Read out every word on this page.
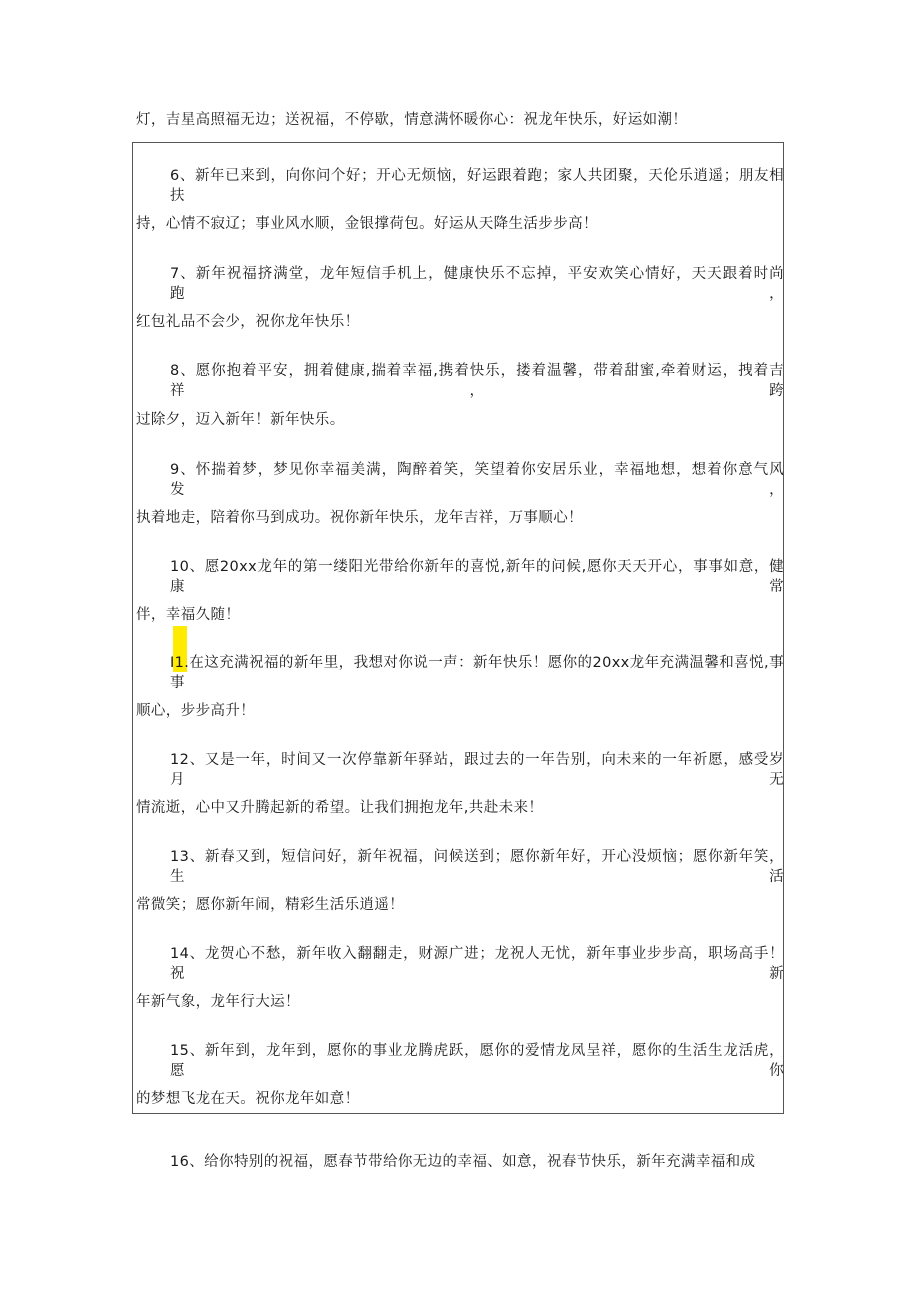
灯，吉星高照福无边；送祝福，不停歇，情意满怀暖你心：祝龙年快乐，好运如潮！
6、新年已来到，向你问个好；开心无烦恼，好运跟着跑；家人共团聚，天伦乐逍遥；朋友相扶
持，心情不寂辽；事业风水顺，金银撑荷包。好运从天降生活步步高！
7、新年祝福挤满堂，龙年短信手机上，健康快乐不忘掉，平安欢笑心情好，天天跟着时尚跑，
红包礼品不会少，祝你龙年快乐！
8、愿你抱着平安，拥着健康,揣着幸福,携着快乐，搂着温馨，带着甜蜜,牵着财运，拽着吉祥，跨
过除夕，迈入新年！新年快乐。
9、怀揣着梦，梦见你幸福美满，陶醉着笑，笑望着你安居乐业，幸福地想，想着你意气风发，
执着地走，陪着你马到成功。祝你新年快乐，龙年吉祥，万事顺心！
10、愿20xx龙年的第一缕阳光带给你新年的喜悦,新年的问候,愿你天天开心，事事如意，健康常
伴，幸福久随！
I1.在这充满祝福的新年里，我想对你说一声：新年快乐！愿你的20xx龙年充满温馨和喜悦,事事
顺心，步步高升！
12、又是一年，时间又一次停靠新年驿站，跟过去的一年告别，向未来的一年祈愿，感受岁月无
情流逝，心中又升腾起新的希望。让我们拥抱龙年,共赴未来！
13、新春又到，短信问好，新年祝福，问候送到；愿你新年好，开心没烦恼；愿你新年笑，生活
常微笑；愿你新年闹，精彩生活乐逍遥！
14、龙贺心不愁，新年收入翻翻走，财源广进；龙祝人无忧，新年事业步步高，职场高手！祝新
年新气象，龙年行大运！
15、新年到，龙年到，愿你的事业龙腾虎跃，愿你的爱情龙凤呈祥，愿你的生活生龙活虎，愿你
的梦想飞龙在天。祝你龙年如意！
16、给你特别的祝福，愿春节带给你无边的幸福、如意，祝春节快乐，新年充满幸福和成
